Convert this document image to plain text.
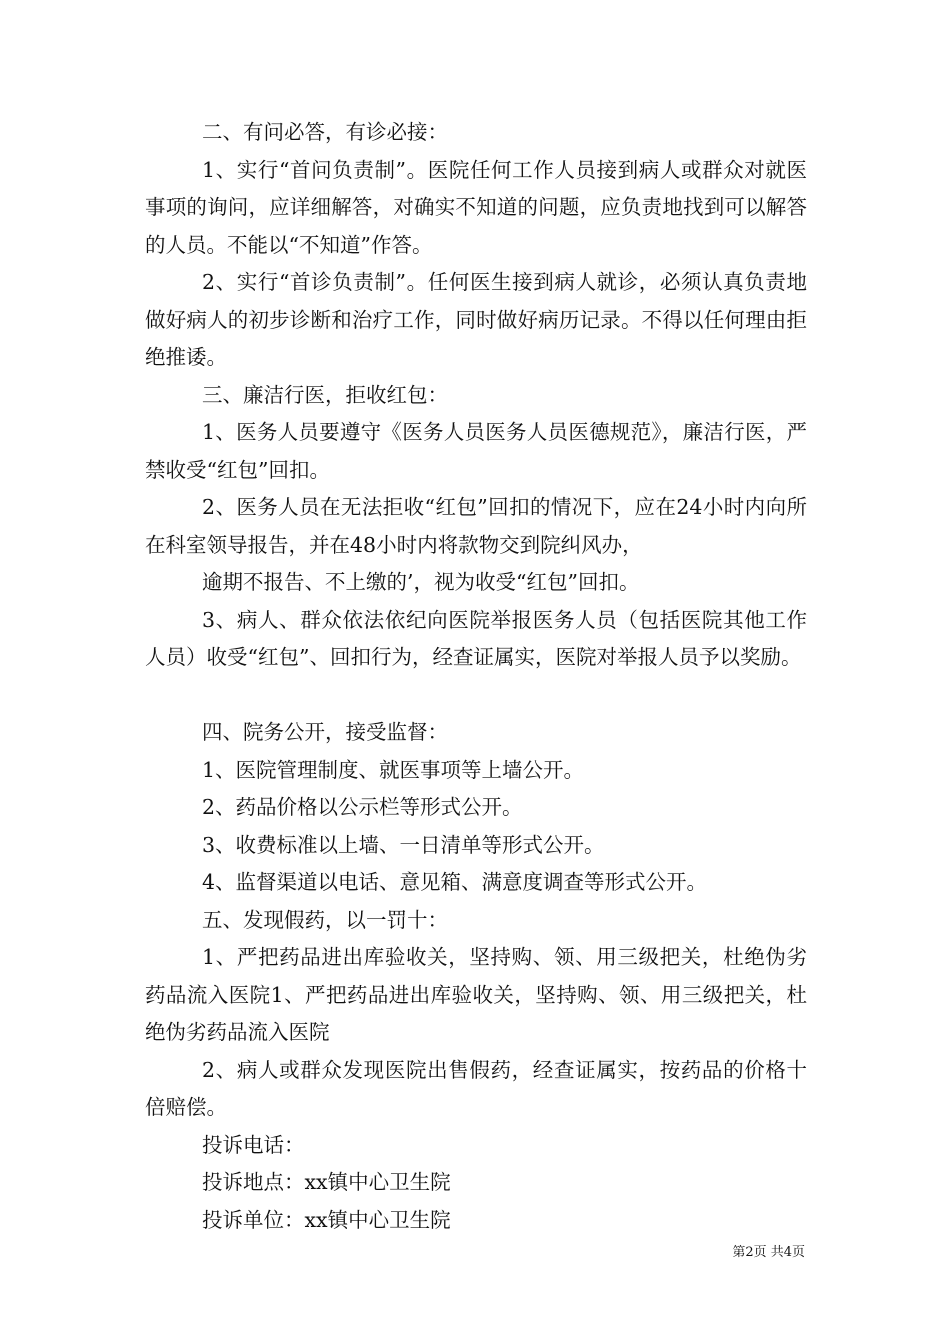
二、有问必答，有诊必接：

1、实行“首问负责制”。医院任何工作人员接到病人或群众对就医事项的询问，应详细解答，对确实不知道的问题，应负责地找到可以解答的人员。不能以“不知道”作答。

2、实行“首诊负责制”。任何医生接到病人就诊，必须认真负责地做好病人的初步诊断和治疗工作，同时做好病历记录。不得以任何理由拒绝推诿。

三、廉洁行医，拒收红包：

1、医务人员要遵守《医务人员医务人员医德规范》，廉洁行医，严禁收受“红包”回扣。

2、医务人员在无法拒收“红包”回扣的情况下，应在24小时内向所在科室领导报告，并在48小时内将款物交到院纠风办，

逾期不报告、不上缴的’，视为收受“红包”回扣。

3、病人、群众依法依纪向医院举报医务人员（包括医院其他工作人员）收受“红包”、回扣行为，经查证属实，医院对举报人员予以奖励。

四、院务公开，接受监督：

1、医院管理制度、就医事项等上墙公开。

2、药品价格以公示栏等形式公开。

3、收费标准以上墙、一日清单等形式公开。

4、监督渠道以电话、意见箱、满意度调查等形式公开。

五、发现假药，以一罚十：

1、严把药品进出库验收关，坚持购、领、用三级把关，杜绝伪劣药品流入医院1、严把药品进出库验收关，坚持购、领、用三级把关，杜绝伪劣药品流入医院

2、病人或群众发现医院出售假药，经查证属实，按药品的价格十倍赔偿。

投诉电话：

投诉地点：xx镇中心卫生院

投诉单位：xx镇中心卫生院

第2页 共4页
